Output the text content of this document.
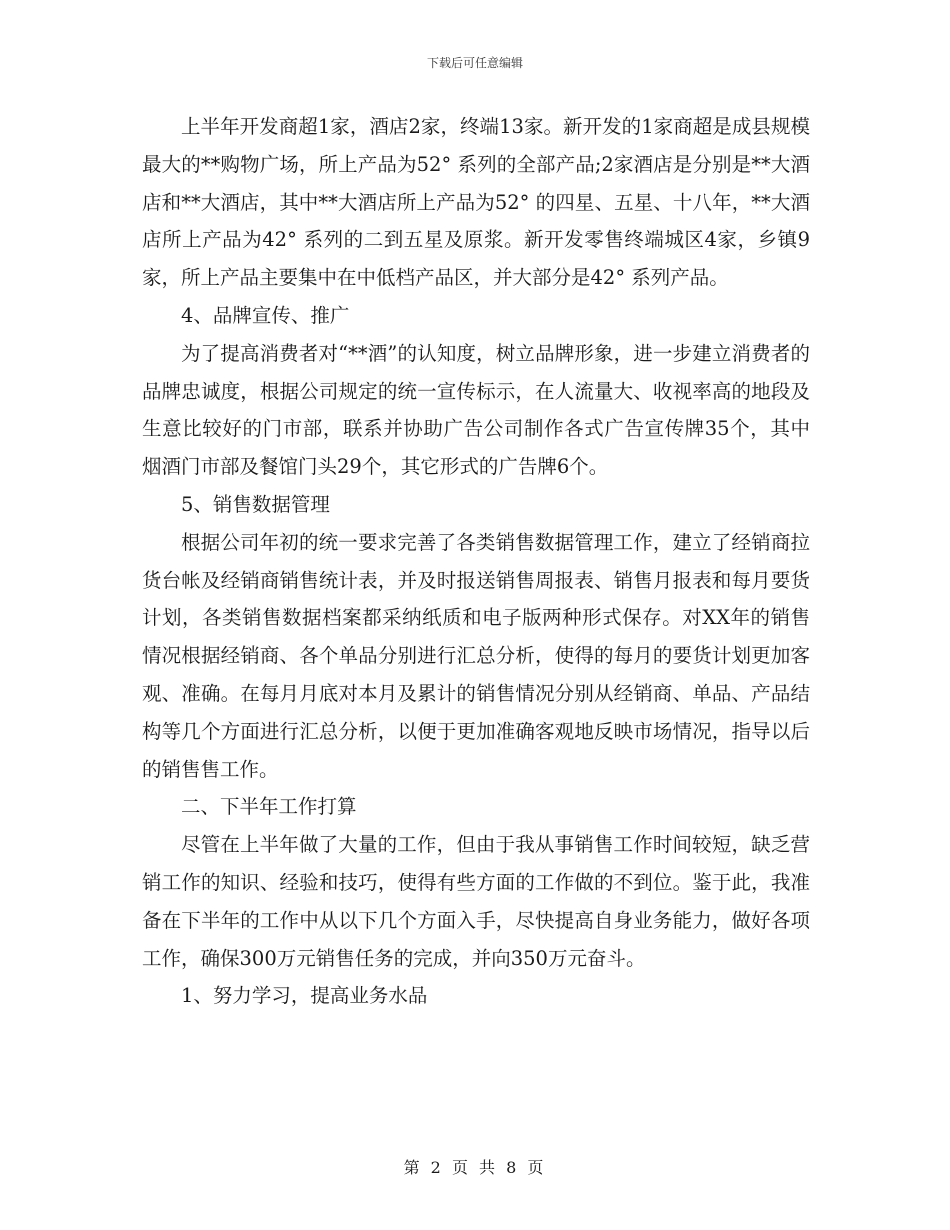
下载后可任意编辑

上半年开发商超1家，酒店2家，终端13家。新开发的1家商超是成县规模最大的**购物广场，所上产品为52° 系列的全部产品;2家酒店是分别是**大酒店和**大酒店，其中**大酒店所上产品为52° 的四星、五星、十八年，**大酒店所上产品为42° 系列的二到五星及原浆。新开发零售终端城区4家，乡镇9家，所上产品主要集中在中低档产品区，并大部分是42° 系列产品。

4、品牌宣传、推广

为了提高消费者对“**酒”的认知度，树立品牌形象，进一步建立消费者的品牌忠诚度，根据公司规定的统一宣传标示，在人流量大、收视率高的地段及生意比较好的门市部，联系并协助广告公司制作各式广告宣传牌35个，其中烟酒门市部及餐馆门头29个，其它形式的广告牌6个。

5、销售数据管理

根据公司年初的统一要求完善了各类销售数据管理工作，建立了经销商拉货台帐及经销商销售统计表，并及时报送销售周报表、销售月报表和每月要货计划，各类销售数据档案都采纳纸质和电子版两种形式保存。对XX年的销售情况根据经销商、各个单品分别进行汇总分析，使得的每月的要货计划更加客观、准确。在每月月底对本月及累计的销售情况分别从经销商、单品、产品结构等几个方面进行汇总分析，以便于更加准确客观地反映市场情况，指导以后的销售售工作。

二、下半年工作打算

尽管在上半年做了大量的工作，但由于我从事销售工作时间较短，缺乏营销工作的知识、经验和技巧，使得有些方面的工作做的不到位。鉴于此，我准备在下半年的工作中从以下几个方面入手，尽快提高自身业务能力，做好各项工作，确保300万元销售任务的完成，并向350万元奋斗。

1、努力学习，提高业务水品

第 2 页 共 8 页
